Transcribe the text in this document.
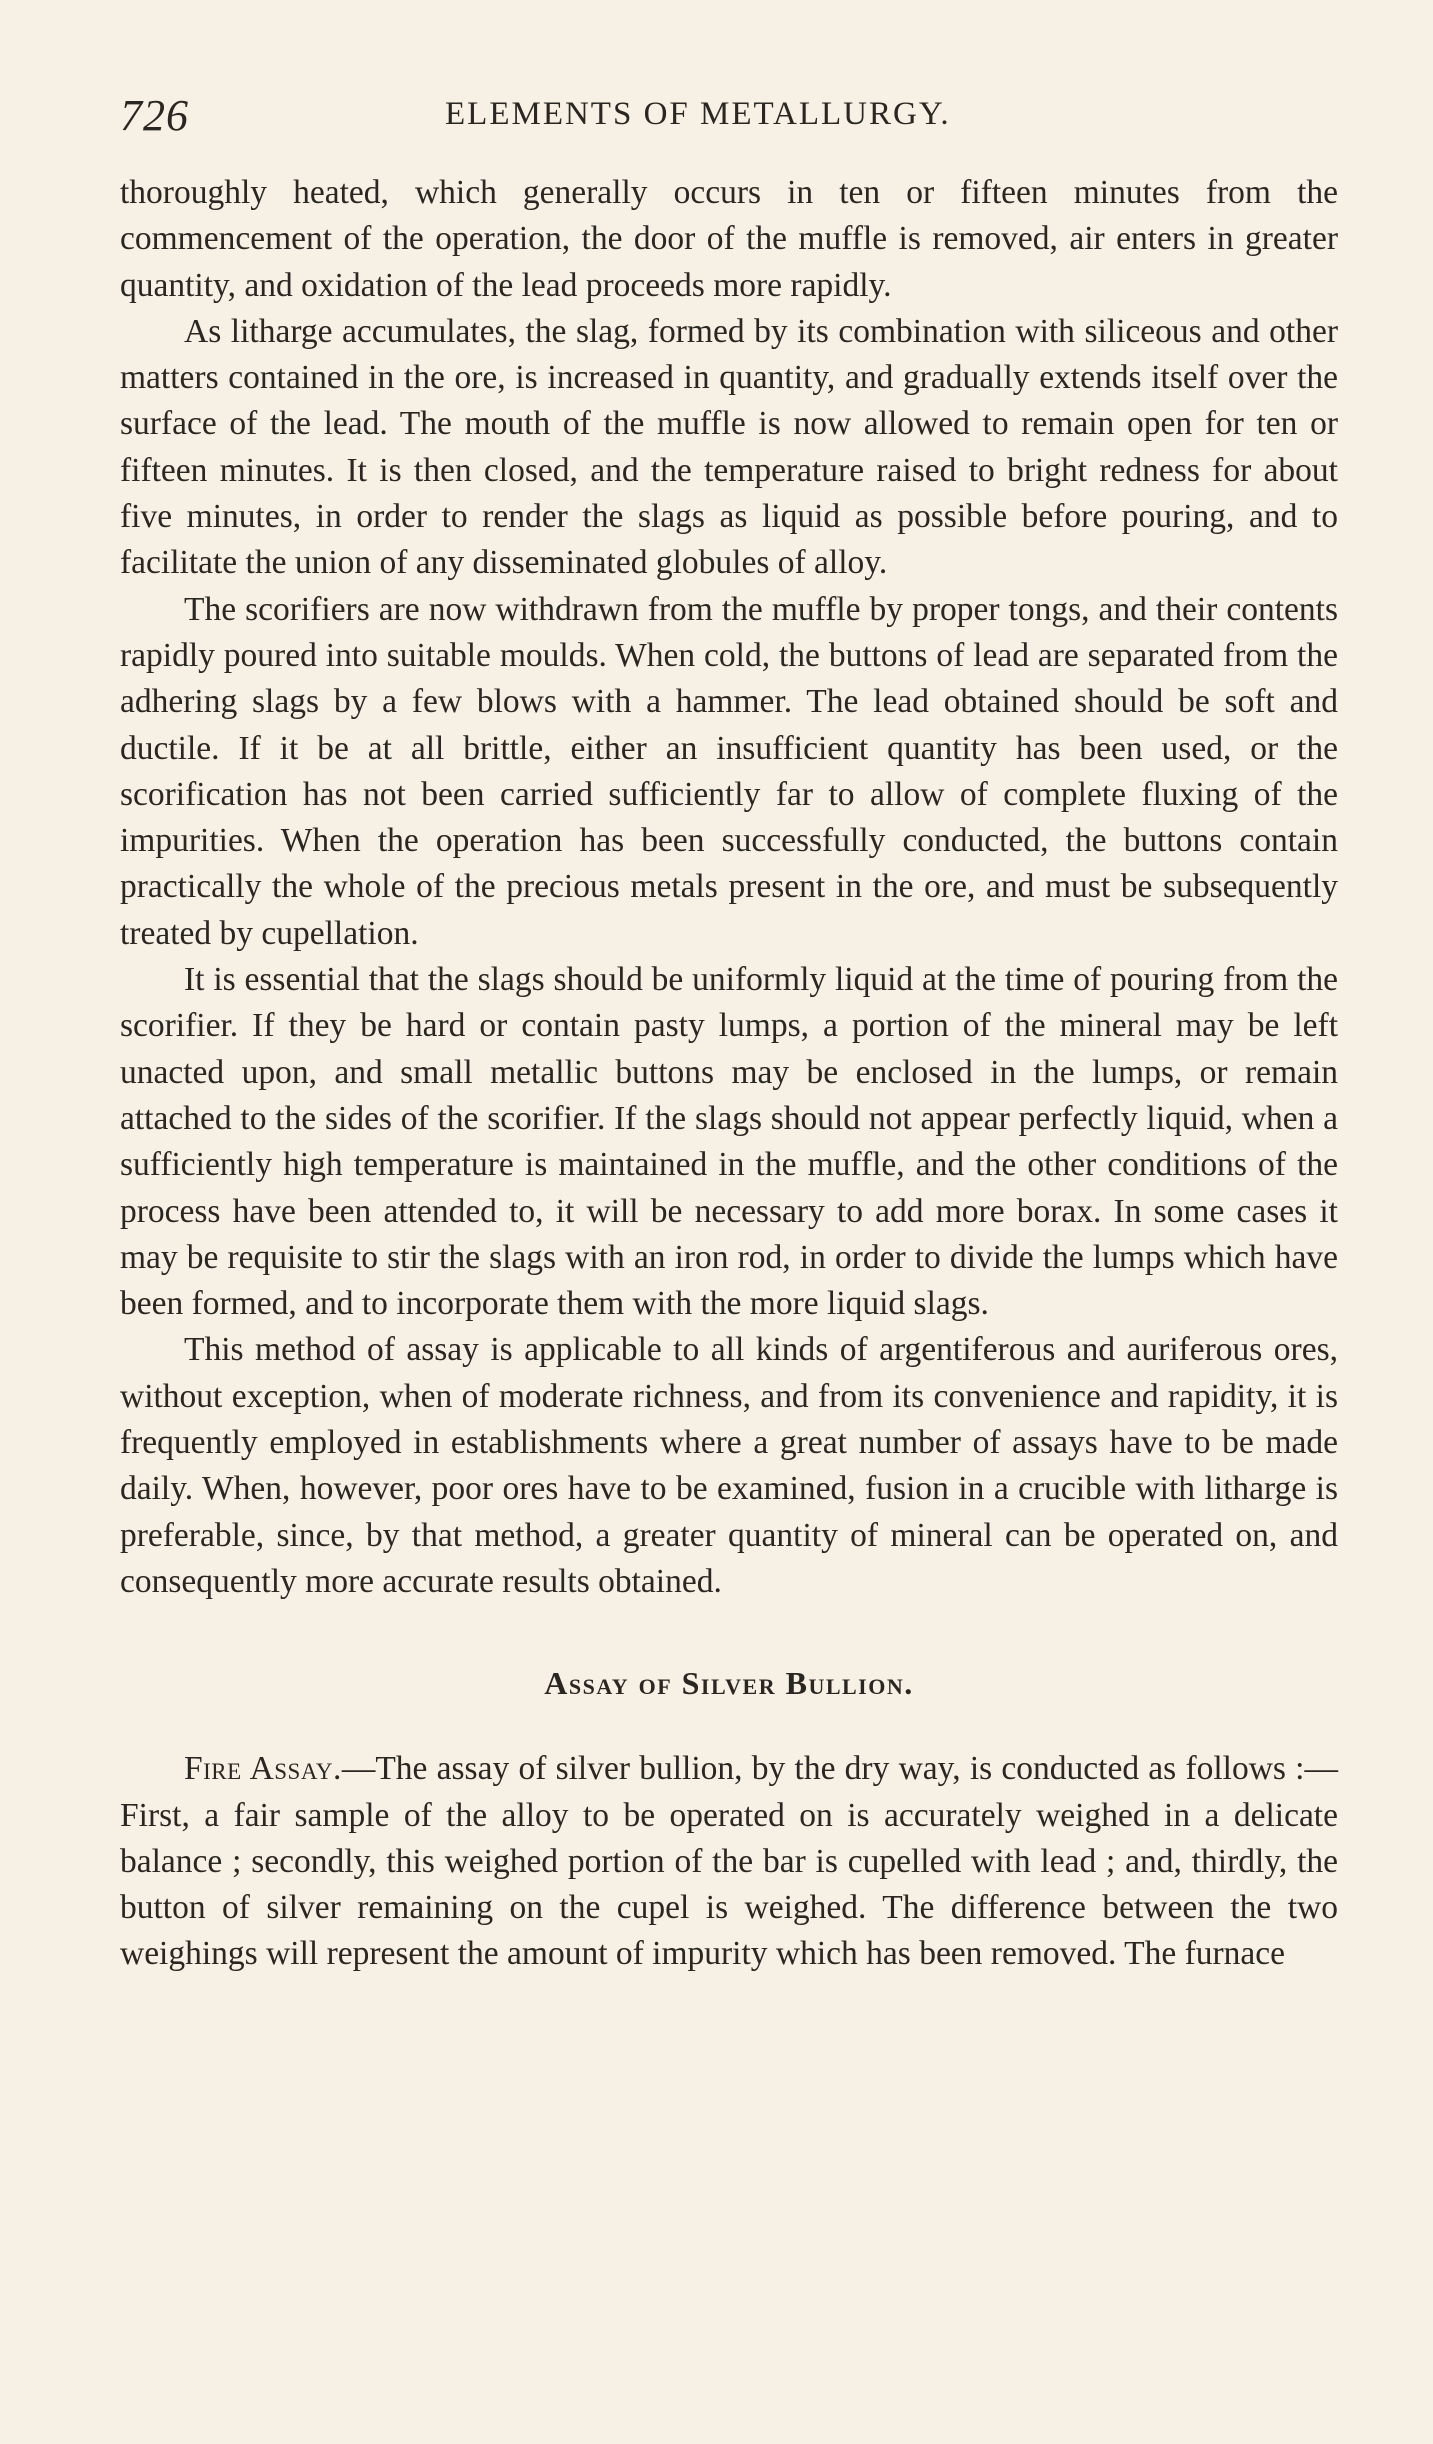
726	ELEMENTS OF METALLURGY.

thoroughly heated, which generally occurs in ten or fifteen minutes from the commencement of the operation, the door of the muffle is removed, air enters in greater quantity, and oxidation of the lead proceeds more rapidly.

As litharge accumulates, the slag, formed by its combination with siliceous and other matters contained in the ore, is increased in quantity, and gradually extends itself over the surface of the lead. The mouth of the muffle is now allowed to remain open for ten or fifteen minutes. It is then closed, and the temperature raised to bright redness for about five minutes, in order to render the slags as liquid as possible before pouring, and to facilitate the union of any disseminated globules of alloy.

The scorifiers are now withdrawn from the muffle by proper tongs, and their contents rapidly poured into suitable moulds. When cold, the buttons of lead are separated from the adhering slags by a few blows with a hammer. The lead obtained should be soft and ductile. If it be at all brittle, either an insufficient quantity has been used, or the scorification has not been carried sufficiently far to allow of complete fluxing of the impurities. When the operation has been successfully conducted, the buttons contain practically the whole of the precious metals present in the ore, and must be subsequently treated by cupellation.

It is essential that the slags should be uniformly liquid at the time of pouring from the scorifier. If they be hard or contain pasty lumps, a portion of the mineral may be left unacted upon, and small metallic buttons may be enclosed in the lumps, or remain attached to the sides of the scorifier. If the slags should not appear perfectly liquid, when a sufficiently high temperature is maintained in the muffle, and the other conditions of the process have been attended to, it will be necessary to add more borax. In some cases it may be requisite to stir the slags with an iron rod, in order to divide the lumps which have been formed, and to incorporate them with the more liquid slags.

This method of assay is applicable to all kinds of argentiferous and auriferous ores, without exception, when of moderate richness, and from its convenience and rapidity, it is frequently employed in establishments where a great number of assays have to be made daily. When, however, poor ores have to be examined, fusion in a crucible with litharge is preferable, since, by that method, a greater quantity of mineral can be operated on, and consequently more accurate results obtained.

Assay of Silver Bullion.

Fire Assay.—The assay of silver bullion, by the dry way, is conducted as follows :—First, a fair sample of the alloy to be operated on is accurately weighed in a delicate balance ; secondly, this weighed portion of the bar is cupelled with lead ; and, thirdly, the button of silver remaining on the cupel is weighed. The difference between the two weighings will represent the amount of impurity which has been removed. The furnace
